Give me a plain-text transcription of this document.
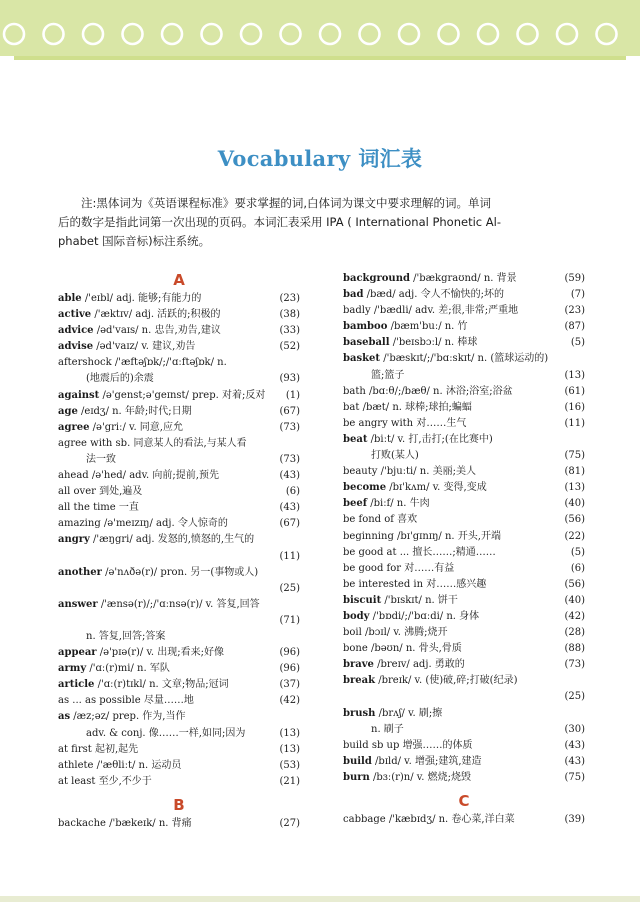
Vocabulary 词汇表
注:黑体词为《英语课程标准》要求掌握的词,白体词为课文中要求理解的词。单词
后的数字是指此词第一次出现的页码。本词汇表采用 IPA ( International Phonetic Al-
phabet 国际音标)标注系统。
A
able /'eɪbl/ adj. 能够;有能力的	(23)
active /'æktɪv/ adj. 活跃的;积极的	(38)
advice /əd'vaɪs/ n. 忠告,劝告,建议	(33)
advise /əd'vaɪz/ v. 建议,劝告	(52)
aftershock /'æftəʃɒk/;/'ɑːftəʃɒk/ n.
(地震后的)余震	(93)
against /ə'genst;ə'geɪnst/ prep. 对着;反对 (1)
age /eɪdʒ/ n. 年龄;时代;日期	(67)
agree /ə'griː/ v. 同意,应允	(73)
agree with sb. 同意某人的看法,与某人看
法一致	(73)
ahead /ə'hed/ adv. 向前;提前,预先	(43)
all over 到处,遍及	(6)
all the time 一直	(43)
amazing /ə'meɪzɪŋ/ adj. 令人惊奇的	(67)
angry /'æŋgri/ adj. 发怒的,愤怒的,生气的
(11)
another /ə'nʌðə(r)/ pron. 另一(事物或人)
(25)
answer /'ænsə(r)/;/'ɑːnsə(r)/ v. 答复,回答
(71)
n. 答复,回答;答案
appear /ə'pɪə(r)/ v. 出现;看来;好像	(96)
army /'ɑː(r)mi/ n. 军队	(96)
article /'ɑː(r)tɪkl/ n. 文章;物品;冠词	(37)
as ... as possible 尽量……地	(42)
as /æz;əz/ prep. 作为,当作
adv. & conj. 像……一样,如同;因为	(13)
at first 起初,起先	(13)
athlete /'æθliːt/ n. 运动员	(53)
at least 至少,不少于	(21)
B
backache /'bækeɪk/ n. 背痛	(27)
background /'bækgraʊnd/ n. 背景	(59)
bad /bæd/ adj. 令人不愉快的;坏的	(7)
badly /'bædli/ adv. 差;很,非常;严重地	(23)
bamboo /bæm'buː/ n. 竹	(87)
baseball /'beɪsbɔːl/ n. 棒球	(5)
basket /'bæskɪt/;/'bɑːskɪt/ n. (篮球运动的)
篮;篮子	(13)
bath /bɑːθ/;/bæθ/ n. 沐浴;浴室;浴盆	(61)
bat /bæt/ n. 球棒;球拍;蝙蝠	(16)
be angry with 对……生气	(11)
beat /biːt/ v. 打,击打;(在比赛中)
打败(某人)	(75)
beauty /'bjuːti/ n. 美丽;美人	(81)
become /bɪ'kʌm/ v. 变得,变成	(13)
beef /biːf/ n. 牛肉	(40)
be fond of 喜欢	(56)
beginning /bɪ'gɪnɪŋ/ n. 开头,开端	(22)
be good at ... 擅长……;精通……	(5)
be good for 对……有益	(6)
be interested in 对……感兴趣	(56)
biscuit /'bɪskɪt/ n. 饼干	(40)
body /'bɒdi/;/'bɑːdi/ n. 身体	(42)
boil /bɔɪl/ v. 沸腾;烧开	(28)
bone /bəʊn/ n. 骨头,骨质	(88)
brave /breɪv/ adj. 勇敢的	(73)
break /breɪk/ v. (使)破,碎;打破(纪录)
(25)
brush /brʌʃ/ v. 刷;擦
n. 刷子	(30)
build sb up 增强……的体质	(43)
build /bɪld/ v. 增强;建筑,建造	(43)
burn /bɜː(r)n/ v. 燃烧;烧毁	(75)
C
cabbage /'kæbɪdʒ/ n. 卷心菜,洋白菜	(39)
